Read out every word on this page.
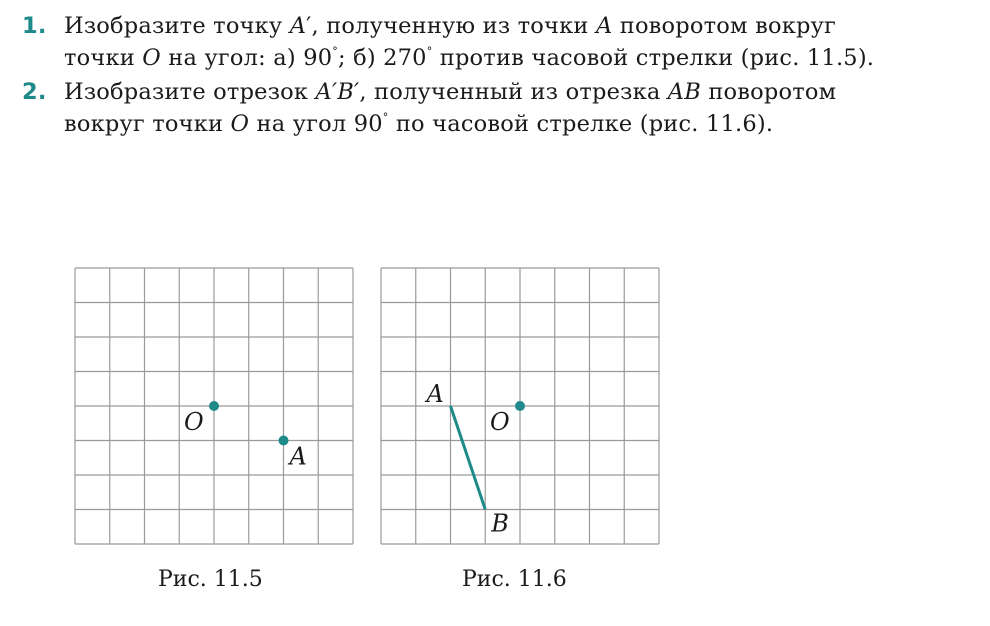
1. Изобразите точку A′, полученную из точки A поворотом вокруг
точки O на угол: а) 90°; б) 270° против часовой стрелки (рис. 11.5).
2. Изобразите отрезок A′B′, полученный из отрезка AB поворотом
вокруг точки O на угол 90° по часовой стрелке (рис. 11.6).
O
A
A
B
O
Рис. 11.5	Рис. 11.6
